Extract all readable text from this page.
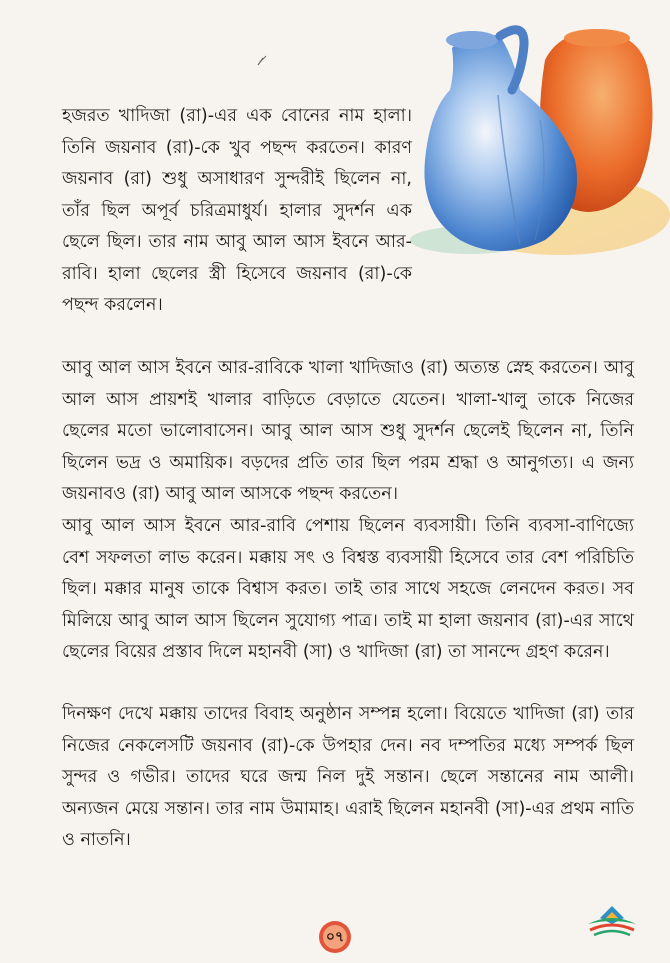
হজরত খাদিজা (রা)-এর এক বোনের নাম হালা। তিনি জয়নাব (রা)-কে খুব পছন্দ করতেন। কারণ জয়নাব (রা) শুধু অসাধারণ সুন্দরীই ছিলেন না, তাঁর ছিল অপূর্ব চরিত্রমাধুর্য। হালার সুদর্শন এক ছেলে ছিল। তার নাম আবু আল আস ইবনে আর-রাবি। হালা ছেলের স্ত্রী হিসেবে জয়নাব (রা)-কে পছন্দ করলেন।

আবু আল আস ইবনে আর-রাবিকে খালা খাদিজাও (রা) অত্যন্ত স্নেহ করতেন। আবু আল আস প্রায়শই খালার বাড়িতে বেড়াতে যেতেন। খালা-খালু তাকে নিজের ছেলের মতো ভালোবাসেন। আবু আল আস শুধু সুদর্শন ছেলেই ছিলেন না, তিনি ছিলেন ভদ্র ও অমায়িক। বড়দের প্রতি তার ছিল পরম শ্রদ্ধা ও আনুগত্য। এ জন্য জয়নাবও (রা) আবু আল আসকে পছন্দ করতেন।

আবু আল আস ইবনে আর-রাবি পেশায় ছিলেন ব্যবসায়ী। তিনি ব্যবসা-বাণিজ্যে বেশ সফলতা লাভ করেন। মক্কায় সৎ ও বিশ্বস্ত ব্যবসায়ী হিসেবে তার বেশ পরিচিতি ছিল। মক্কার মানুষ তাকে বিশ্বাস করত। তাই তার সাথে সহজে লেনদেন করত। সব মিলিয়ে আবু আল আস ছিলেন সুযোগ্য পাত্র। তাই মা হালা জয়নাব (রা)-এর সাথে ছেলের বিয়ের প্রস্তাব দিলে মহানবী (সা) ও খাদিজা (রা) তা সানন্দে গ্রহণ করেন।

দিনক্ষণ দেখে মক্কায় তাদের বিবাহ অনুষ্ঠান সম্পন্ন হলো। বিয়েতে খাদিজা (রা) তার নিজের নেকলেসটি জয়নাব (রা)-কে উপহার দেন। নব দম্পতির মধ্যে সম্পর্ক ছিল সুন্দর ও গভীর। তাদের ঘরে জন্ম নিল দুই সন্তান। ছেলে সন্তানের নাম আলী। অন্যজন মেয়ে সন্তান। তার নাম উমামাহ। এরাই ছিলেন মহানবী (সা)-এর প্রথম নাতি ও নাতনি।

০৭
